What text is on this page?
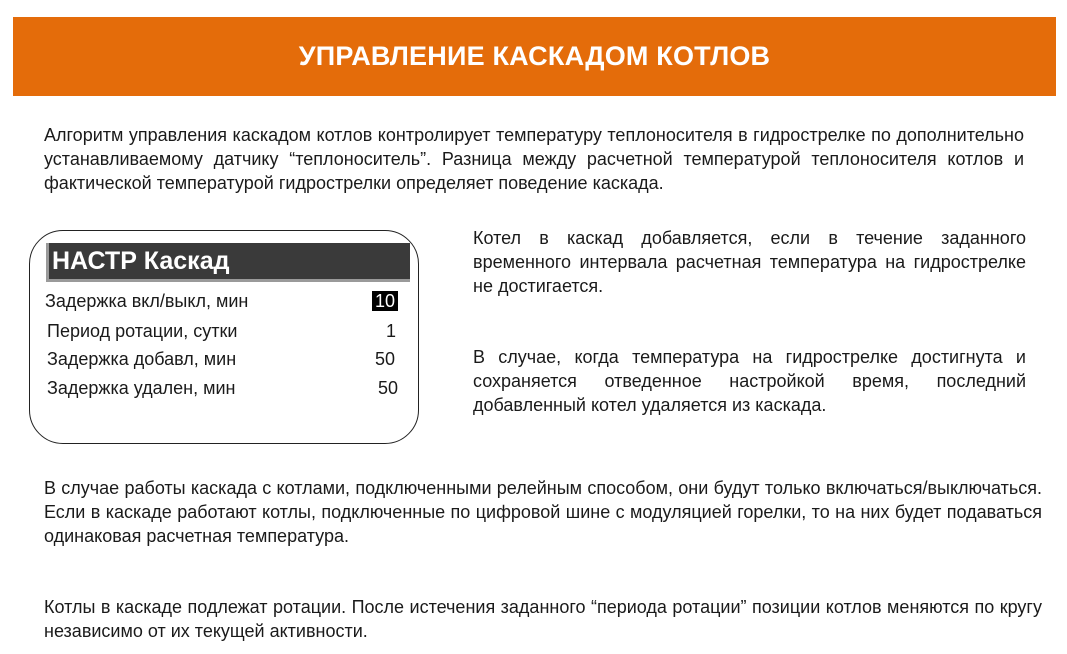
УПРАВЛЕНИЕ КАСКАДОМ КОТЛОВ

Алгоритм управления каскадом котлов контролирует температуру теплоносителя в гидрострелке по дополнительно устанавливаемому датчику “теплоноситель”. Разница между расчетной температурой теплоносителя котлов и фактической температурой гидрострелки определяет поведение каскада.

НАСТР Каскад
Задержка вкл/выкл, мин	10
Период ротации, сутки	1
Задержка добавл, мин	50
Задержка удален, мин	50

Котел в каскад добавляется, если в течение заданного временного интервала расчетная температура на гидрострелке не достигается.

В случае, когда температура на гидрострелке достигнута и сохраняется отведенное настройкой время, последний добавленный котел удаляется из каскада.

В случае работы каскада с котлами, подключенными релейным способом, они будут только включаться/выключаться. Если в каскаде работают котлы, подключенные по цифровой шине с модуляцией горелки, то на них будет подаваться одинаковая расчетная температура.

Котлы в каскаде подлежат ротации. После истечения заданного “периода ротации” позиции котлов меняются по кругу независимо от их текущей активности.
